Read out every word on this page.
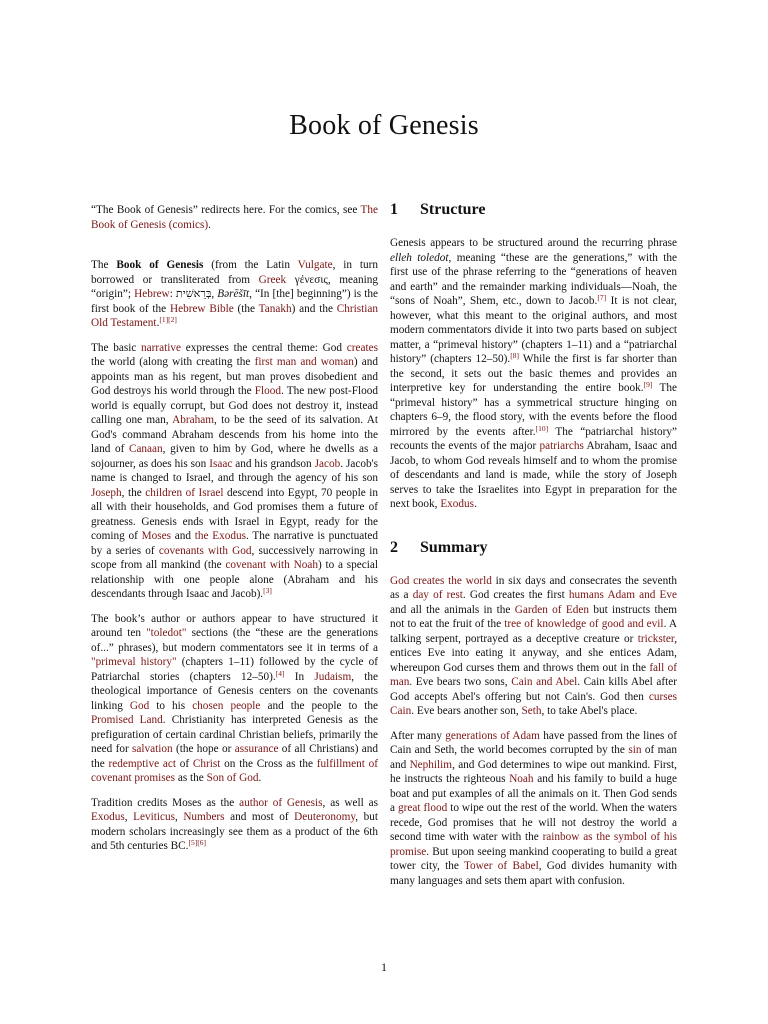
Book of Genesis

“The Book of Genesis” redirects here. For the comics, see The Book of Genesis (comics).

The Book of Genesis (from the Latin Vulgate, in turn borrowed or transliterated from Greek γένεσις, meaning “origin”; Hebrew: בְּרֵאשִׁית, Bərēšīt, “In [the] beginning”) is the first book of the Hebrew Bible (the Tanakh) and the Christian Old Testament.[1][2]

The basic narrative expresses the central theme: God creates the world (along with creating the first man and woman) and appoints man as his regent, but man proves disobedient and God destroys his world through the Flood. The new post-Flood world is equally corrupt, but God does not destroy it, instead calling one man, Abraham, to be the seed of its salvation. At God's command Abraham descends from his home into the land of Canaan, given to him by God, where he dwells as a sojourner, as does his son Isaac and his grandson Jacob. Jacob's name is changed to Israel, and through the agency of his son Joseph, the children of Israel descend into Egypt, 70 people in all with their households, and God promises them a future of greatness. Genesis ends with Israel in Egypt, ready for the coming of Moses and the Exodus. The narrative is punctuated by a series of covenants with God, successively narrowing in scope from all mankind (the covenant with Noah) to a special relationship with one people alone (Abraham and his descendants through Isaac and Jacob).[3]

The book’s author or authors appear to have structured it around ten "toledot" sections (the “these are the generations of...” phrases), but modern commentators see it in terms of a "primeval history" (chapters 1–11) followed by the cycle of Patriarchal stories (chapters 12–50).[4] In Judaism, the theological importance of Genesis centers on the covenants linking God to his chosen people and the people to the Promised Land. Christianity has interpreted Genesis as the prefiguration of certain cardinal Christian beliefs, primarily the need for salvation (the hope or assurance of all Christians) and the redemptive act of Christ on the Cross as the fulfillment of covenant promises as the Son of God.

Tradition credits Moses as the author of Genesis, as well as Exodus, Leviticus, Numbers and most of Deuteronomy, but modern scholars increasingly see them as a product of the 6th and 5th centuries BC.[5][6]

1 Structure

Genesis appears to be structured around the recurring phrase elleh toledot, meaning “these are the generations,” with the first use of the phrase referring to the “generations of heaven and earth” and the remainder marking individuals—Noah, the “sons of Noah”, Shem, etc., down to Jacob.[7] It is not clear, however, what this meant to the original authors, and most modern commentators divide it into two parts based on subject matter, a “primeval history” (chapters 1–11) and a “patriarchal history” (chapters 12–50).[8] While the first is far shorter than the second, it sets out the basic themes and provides an interpretive key for understanding the entire book.[9] The “primeval history” has a symmetrical structure hinging on chapters 6–9, the flood story, with the events before the flood mirrored by the events after.[10] The “patriarchal history” recounts the events of the major patriarchs Abraham, Isaac and Jacob, to whom God reveals himself and to whom the promise of descendants and land is made, while the story of Joseph serves to take the Israelites into Egypt in preparation for the next book, Exodus.

2 Summary

God creates the world in six days and consecrates the seventh as a day of rest. God creates the first humans Adam and Eve and all the animals in the Garden of Eden but instructs them not to eat the fruit of the tree of knowledge of good and evil. A talking serpent, portrayed as a deceptive creature or trickster, entices Eve into eating it anyway, and she entices Adam, whereupon God curses them and throws them out in the fall of man. Eve bears two sons, Cain and Abel. Cain kills Abel after God accepts Abel's offering but not Cain's. God then curses Cain. Eve bears another son, Seth, to take Abel's place.

After many generations of Adam have passed from the lines of Cain and Seth, the world becomes corrupted by the sin of man and Nephilim, and God determines to wipe out mankind. First, he instructs the righteous Noah and his family to build a huge boat and put examples of all the animals on it. Then God sends a great flood to wipe out the rest of the world. When the waters recede, God promises that he will not destroy the world a second time with water with the rainbow as the symbol of his promise. But upon seeing mankind cooperating to build a great tower city, the Tower of Babel, God divides humanity with many languages and sets them apart with confusion.

1
